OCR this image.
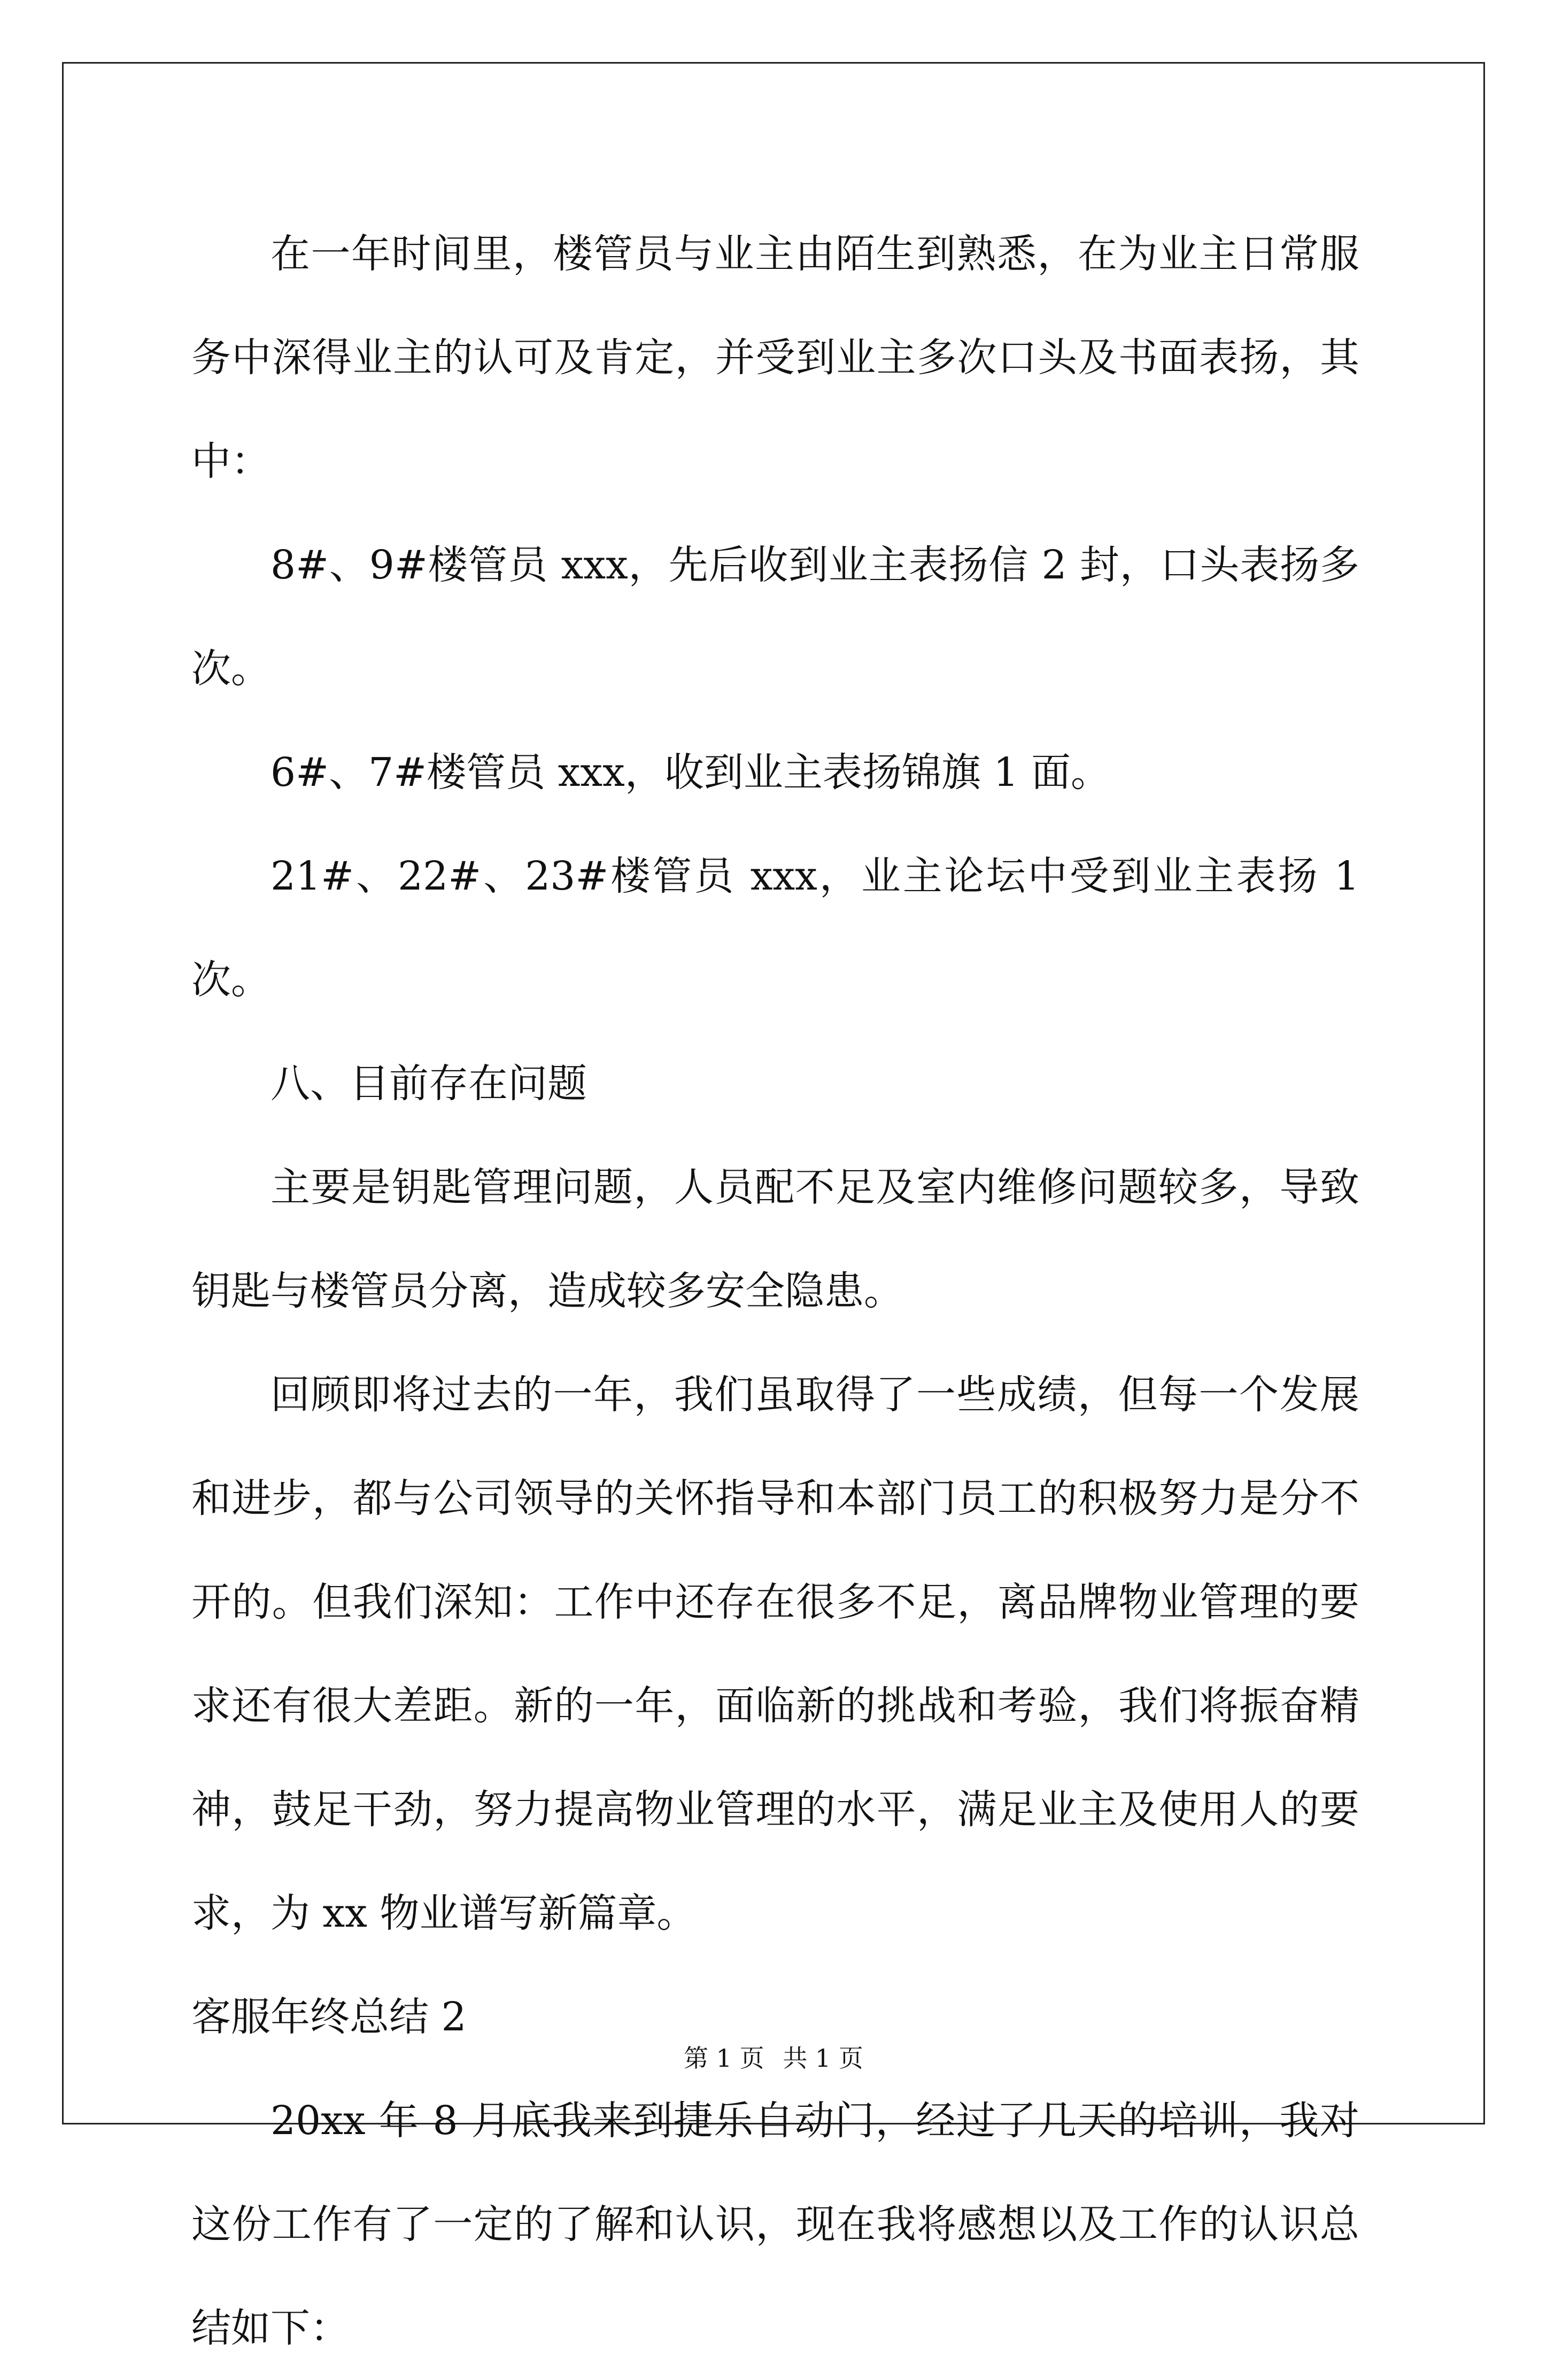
在一年时间里，楼管员与业主由陌生到熟悉，在为业主日常服务中深得业主的认可及肯定，并受到业主多次口头及书面表扬，其中：

8#、9#楼管员 xxx，先后收到业主表扬信 2 封，口头表扬多次。

6#、7#楼管员 xxx，收到业主表扬锦旗 1 面。

21#、22#、23#楼管员 xxx，业主论坛中受到业主表扬 1 次。

八、目前存在问题

主要是钥匙管理问题，人员配不足及室内维修问题较多，导致钥匙与楼管员分离，造成较多安全隐患。

回顾即将过去的一年，我们虽取得了一些成绩，但每一个发展和进步，都与公司领导的关怀指导和本部门员工的积极努力是分不开的。但我们深知：工作中还存在很多不足，离品牌物业管理的要求还有很大差距。新的一年，面临新的挑战和考验，我们将振奋精神，鼓足干劲，努力提高物业管理的水平，满足业主及使用人的要求，为 xx 物业谱写新篇章。

客服年终总结 2

20xx 年 8 月底我来到捷乐自动门，经过了几天的培训，我对这份工作有了一定的了解和认识，现在我将感想以及工作的认识总结如下：

第 1 页 共 1 页
